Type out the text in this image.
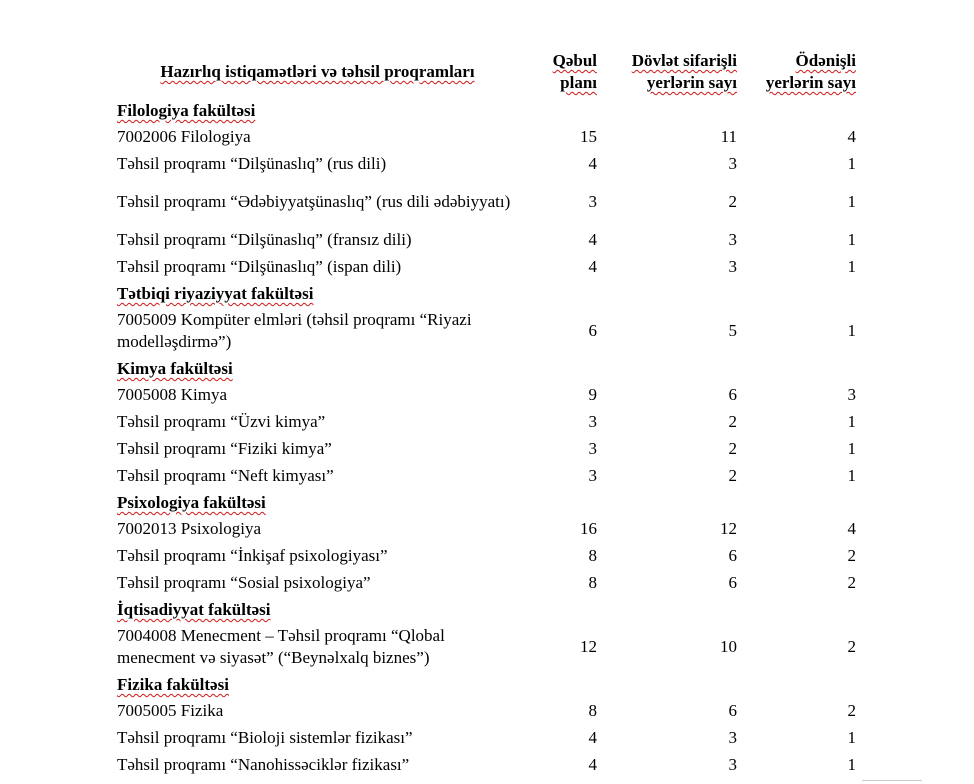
Hazırlıq istiqamətləri və təhsil proqramları	Qəbul planı	Dövlət sifarişli yerlərin sayı	Ödənişli yerlərin sayı
Filologiya fakültəsi			
7002006 Filologiya	15	11	4
Təhsil proqramı “Dilşünaslıq” (rus dili)	4	3	1
Təhsil proqramı “Ədəbiyyatşünaslıq” (rus dili ədəbiyyatı)	3	2	1
Təhsil proqramı “Dilşünaslıq” (fransız dili)	4	3	1
Təhsil proqramı “Dilşünaslıq” (ispan dili)	4	3	1
Tətbiqi riyaziyyat fakültəsi			
7005009 Kompüter elmləri (təhsil proqramı “Riyazi modelləşdirmə”)	6	5	1
Kimya fakültəsi			
7005008 Kimya	9	6	3
Təhsil proqramı “Üzvi kimya”	3	2	1
Təhsil proqramı “Fiziki kimya”	3	2	1
Təhsil proqramı “Neft kimyası”	3	2	1
Psixologiya fakültəsi			
7002013 Psixologiya	16	12	4
Təhsil proqramı “İnkişaf psixologiyası”	8	6	2
Təhsil proqramı “Sosial psixologiya”	8	6	2
İqtisadiyyat fakültəsi			
7004008 Menecment – Təhsil proqramı “Qlobal menecment və siyasət” (“Beynəlxalq biznes”)	12	10	2
Fizika fakültəsi			
7005005 Fizika	8	6	2
Təhsil proqramı “Bioloji sistemlər fizikası”	4	3	1
Təhsil proqramı “Nanohissəciklər fizikası”	4	3	1
